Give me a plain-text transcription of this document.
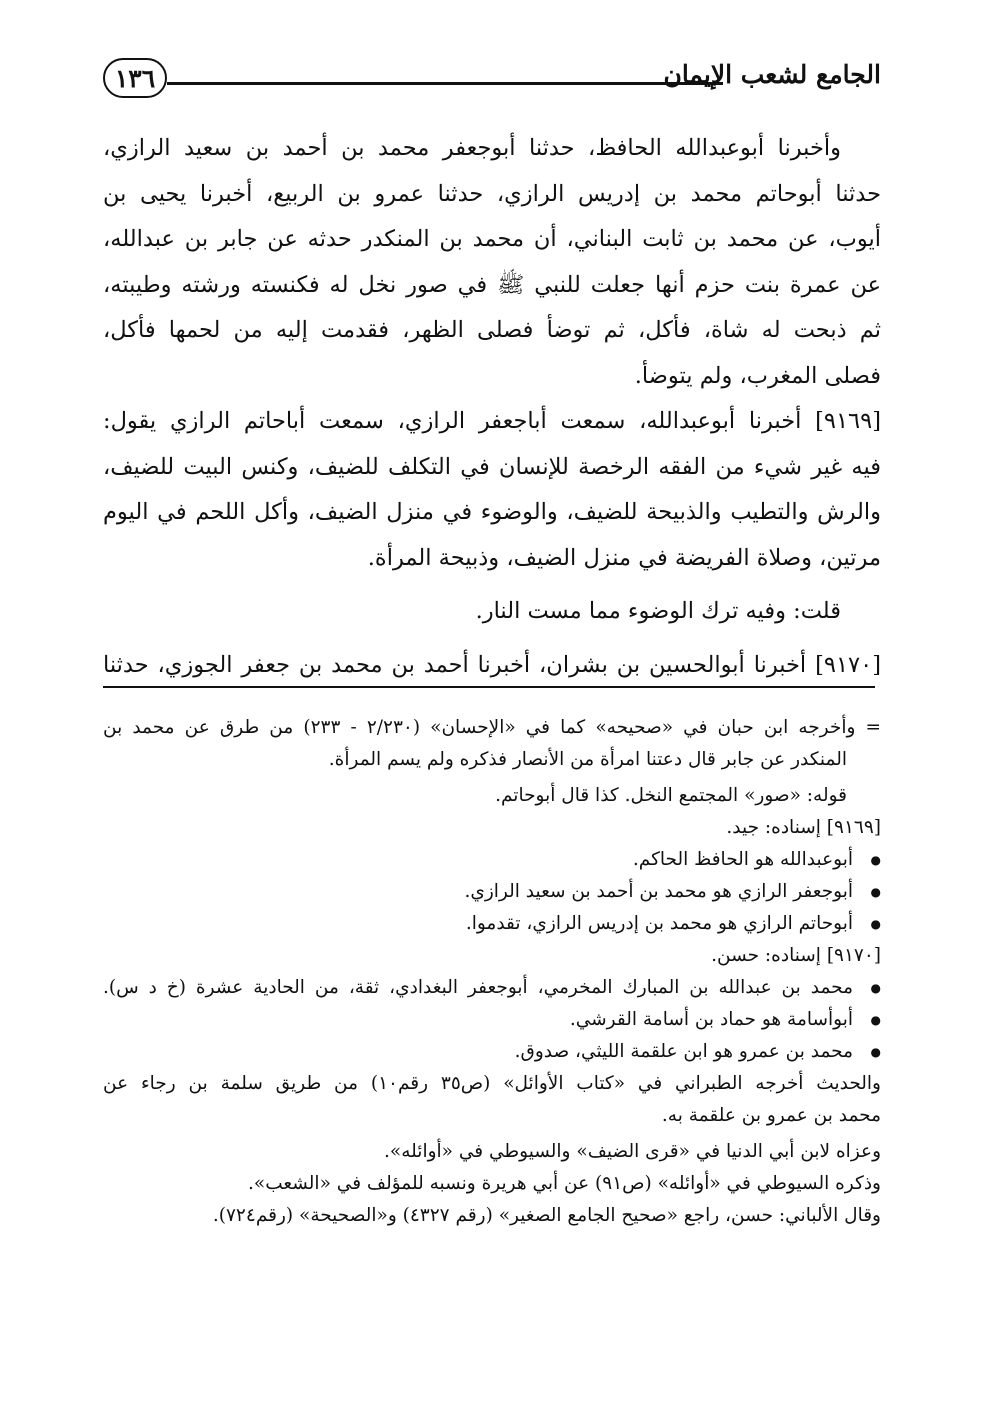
١٣٦	الجامع لشعب الإيمان
وأخبرنا أبوعبدالله الحافظ، حدثنا أبوجعفر محمد بن أحمد بن سعيد الرازي،
حدثنا أبوحاتم محمد بن إدريس الرازي، حدثنا عمرو بن الربيع، أخبرنا يحيى بن
أيوب، عن محمد بن ثابت البناني، أن محمد بن المنكدر حدثه عن جابر بن عبدالله،
عن عمرة بنت حزم أنها جعلت للنبي ﷺ في صور نخل له فكنسته ورشته وطيبته،
ثم ذبحت له شاة، فأكل، ثم توضأ فصلى الظهر، فقدمت إليه من لحمها فأكل،
فصلى المغرب، ولم يتوضأ.
[٩١٦٩] أخبرنا أبوعبدالله، سمعت أباجعفر الرازي، سمعت أباحاتم الرازي يقول:
فيه غير شيء من الفقه الرخصة للإنسان في التكلف للضيف، وكنس البيت للضيف،
والرش والتطيب والذبيحة للضيف، والوضوء في منزل الضيف، وأكل اللحم في اليوم
مرتين، وصلاة الفريضة في منزل الضيف، وذبيحة المرأة.
قلت: وفيه ترك الوضوء مما مست النار.
[٩١٧٠] أخبرنا أبوالحسين بن بشران، أخبرنا أحمد بن محمد بن جعفر الجوزي، حدثنا
= وأخرجه ابن حبان في «صحيحه» كما في «الإحسان» (٢/٢٣٠ - ٢٣٣) من طرق عن محمد بن
المنكدر عن جابر قال دعتنا امرأة من الأنصار فذكره ولم يسم المرأة.
قوله: «صور» المجتمع النخل. كذا قال أبوحاتم.
[٩١٦٩] إسناده: جيد.
● أبوعبدالله هو الحافظ الحاكم.
● أبوجعفر الرازي هو محمد بن أحمد بن سعيد الرازي.
● أبوحاتم الرازي هو محمد بن إدريس الرازي، تقدموا.
[٩١٧٠] إسناده: حسن.
● محمد بن عبدالله بن المبارك المخرمي، أبوجعفر البغدادي، ثقة، من الحادية عشرة (خ د س).
● أبوأسامة هو حماد بن أسامة القرشي.
● محمد بن عمرو هو ابن علقمة الليثي، صدوق.
والحديث أخرجه الطبراني في «كتاب الأوائل» (ص٣٥ رقم١٠) من طريق سلمة بن رجاء عن
محمد بن عمرو بن علقمة به.
وعزاه لابن أبي الدنيا في «قرى الضيف» والسيوطي في «أوائله».
وذكره السيوطي في «أوائله» (ص٩١) عن أبي هريرة ونسبه للمؤلف في «الشعب».
وقال الألباني: حسن، راجع «صحيح الجامع الصغير» (رقم ٤٣٢٧) و«الصحيحة» (رقم٧٢٤).
